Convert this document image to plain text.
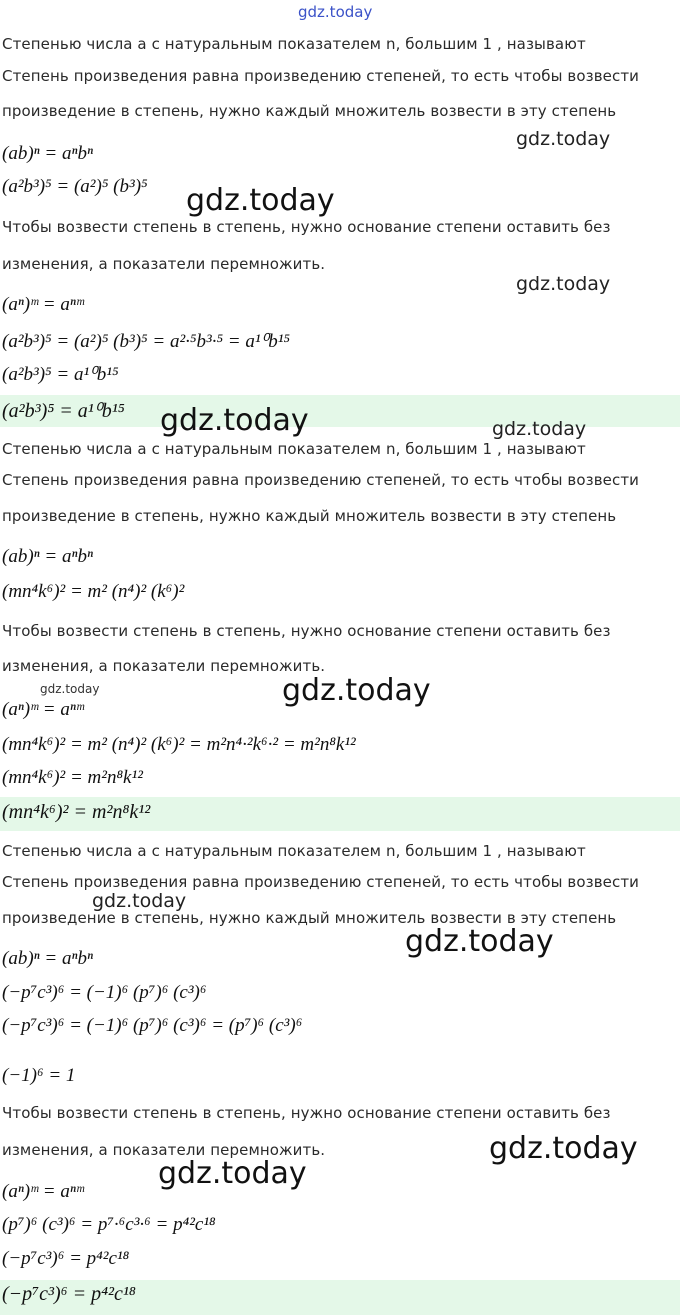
gdz.today
Степенью числа a с натуральным показателем n, большим 1 , называют
Степень произведения равна произведению степеней, то есть чтобы возвести
произведение в степень, нужно каждый множитель возвести в эту степень
(ab)ⁿ = aⁿbⁿ
(a²b³)⁵ = (a²)⁵ (b³)⁵
Чтобы возвести степень в степень, нужно основание степени оставить без
изменения, а показатели перемножить.
(aⁿ)ᵐ = aⁿᵐ
(a²b³)⁵ = (a²)⁵ (b³)⁵ = a²·⁵b³·⁵ = a¹⁰b¹⁵
(a²b³)⁵ = a¹⁰b¹⁵
(a²b³)⁵ = a¹⁰b¹⁵
Степенью числа a с натуральным показателем n, большим 1 , называют
Степень произведения равна произведению степеней, то есть чтобы возвести
произведение в степень, нужно каждый множитель возвести в эту степень
(ab)ⁿ = aⁿbⁿ
(mn⁴k⁶)² = m² (n⁴)² (k⁶)²
Чтобы возвести степень в степень, нужно основание степени оставить без
изменения, а показатели перемножить.
(aⁿ)ᵐ = aⁿᵐ
(mn⁴k⁶)² = m² (n⁴)² (k⁶)² = m²n⁴·²k⁶·² = m²n⁸k¹²
(mn⁴k⁶)² = m²n⁸k¹²
(mn⁴k⁶)² = m²n⁸k¹²
Степенью числа a с натуральным показателем n, большим 1 , называют
Степень произведения равна произведению степеней, то есть чтобы возвести
произведение в степень, нужно каждый множитель возвести в эту степень
(ab)ⁿ = aⁿbⁿ
(−p⁷c³)⁶ = (−1)⁶ (p⁷)⁶ (c³)⁶
(−p⁷c³)⁶ = (−1)⁶ (p⁷)⁶ (c³)⁶ = (p⁷)⁶ (c³)⁶
(−1)⁶ = 1
Чтобы возвести степень в степень, нужно основание степени оставить без
изменения, а показатели перемножить.
(aⁿ)ᵐ = aⁿᵐ
(p⁷)⁶ (c³)⁶ = p⁷·⁶c³·⁶ = p⁴²c¹⁸
(−p⁷c³)⁶ = p⁴²c¹⁸
(−p⁷c³)⁶ = p⁴²c¹⁸
gdz.today
gdz.today
gdz.today
gdz.today	gdz.today
gdz.today	gdz.today
gdz.today
gdz.today
gdz.today
gdz.today
